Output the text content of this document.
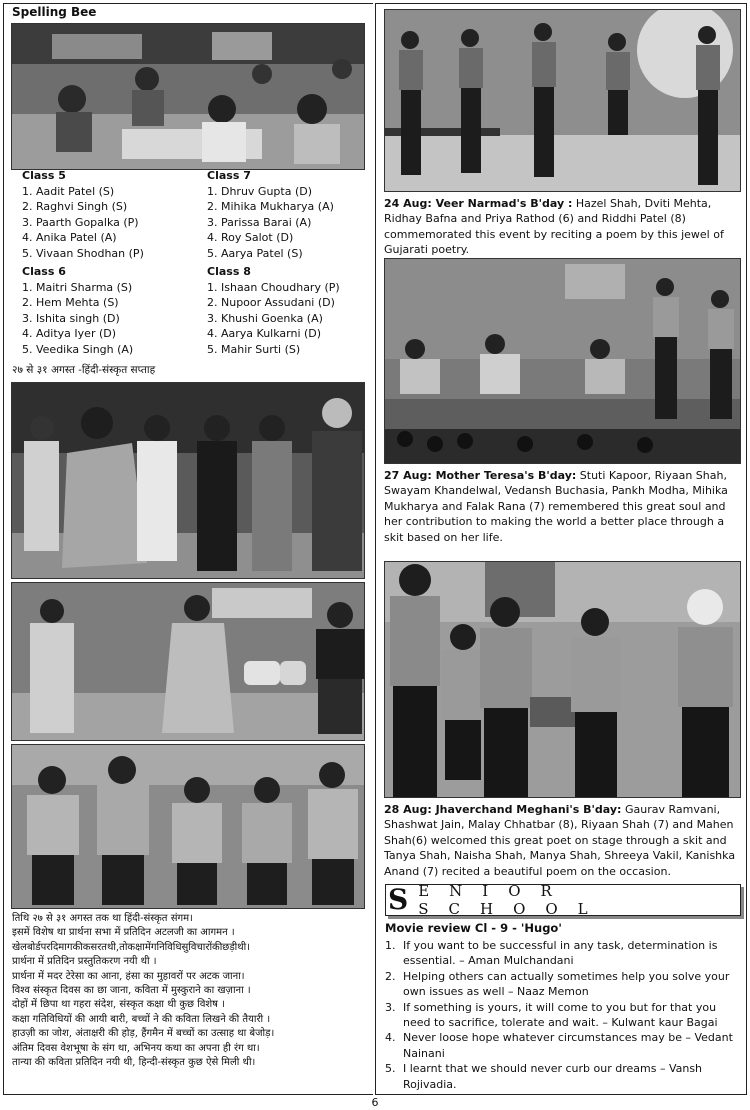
Spelling Bee
Class 5
1. Aadit Patel (S)
2. Raghvi Singh (S)
3. Paarth Gopalka (P)
4. Anika Patel (A)
5. Vivaan Shodhan (P)
Class 7
1. Dhruv Gupta (D)
2. Mihika Mukharya (A)
3. Parissa Barai (A)
4. Roy Salot (D)
5. Aarya Patel (S)
Class 6
1. Maitri Sharma (S)
2. Hem Mehta (S)
3. Ishita singh (D)
4. Aditya Iyer (D)
5. Veedika Singh (A)
Class 8
1. Ishaan Choudhary (P)
2. Nupoor Assudani (D)
3. Khushi Goenka (A)
4. Aarya Kulkarni (D)
5. Mahir Surti (S)
२७ से ३१ अगस्त -हिंदी-संस्कृत सप्ताह
तिथि २७ से ३१ अगस्त तक था हिंदी-संस्कृत संगम।
इसमें विशेष था प्रार्थना सभा में प्रतिदिन अटलजी का आगमन ।
खेलबोर्डपरदिमागकीकसरतथी,तोकक्षामेंगनिविधिसुविचारोंकीछड़ीथी।
प्रार्थना में प्रतिदिन प्रस्तुतिकरण नयी थी ।
प्रार्थना में मदर टेरेसा का आना, हंसा का मुहावरों पर अटक जाना।
विश्व संस्कृत दिवस का छा जाना, कविता में मुस्कुराने का खज़ाना ।
दोहों में छिपा था गहरा संदेश, संस्कृत कक्षा थी कुछ विशेष ।
कक्षा गतिविधियों की आयी बारी, बच्चों ने की कविता लिखने की तैयारी ।
हाउज़ी का जोश, अंताक्षरी की होड़, हैंगमैन में बच्चों का उत्साह था बेजोड़।
अंतिम दिवस वेशभूषा के संग था, अभिनय कथा का अपना ही रंग था।
तान्या की कविता प्रतिदिन नयी थी, हिन्दी-संस्कृत कुछ ऐसे मिली थी।
24 Aug: Veer Narmad's B'day : Hazel Shah, Dviti Mehta, Ridhay Bafna and Priya Rathod (6) and Riddhi Patel (8) commemorated this event by reciting a poem by this jewel of Gujarati poetry.
27 Aug: Mother Teresa's B'day: Stuti Kapoor, Riyaan Shah, Swayam Khandelwal, Vedansh Buchasia, Pankh Modha, Mihika Mukharya and Falak Rana (7) remembered this great soul and her contribution to making the world a better place through a skit based on her life.
28 Aug: Jhaverchand Meghani's B'day: Gaurav Ramvani, Shashwat Jain, Malay Chhatbar (8), Riyaan Shah (7) and Mahen Shah(6) welcomed this great poet on stage through a skit and Tanya Shah, Naisha Shah, Manya Shah, Shreeya Vakil, Kanishka Anand (7) recited a beautiful poem on the occasion.
S ENIOR SCHOOL
Movie review Cl - 9 - 'Hugo'
1. If you want to be successful in any task, determination is essential. – Aman Mulchandani
2. Helping others can actually sometimes help you solve your own issues as well – Naaz Memon
3. If something is yours, it will come to you but for that you need to sacrifice, tolerate and wait. – Kulwant kaur Bagai
4. Never loose hope whatever circumstances may be – Vedant Nainani
5. I learnt that we should never curb our dreams – Vansh Rojivadia.
6
